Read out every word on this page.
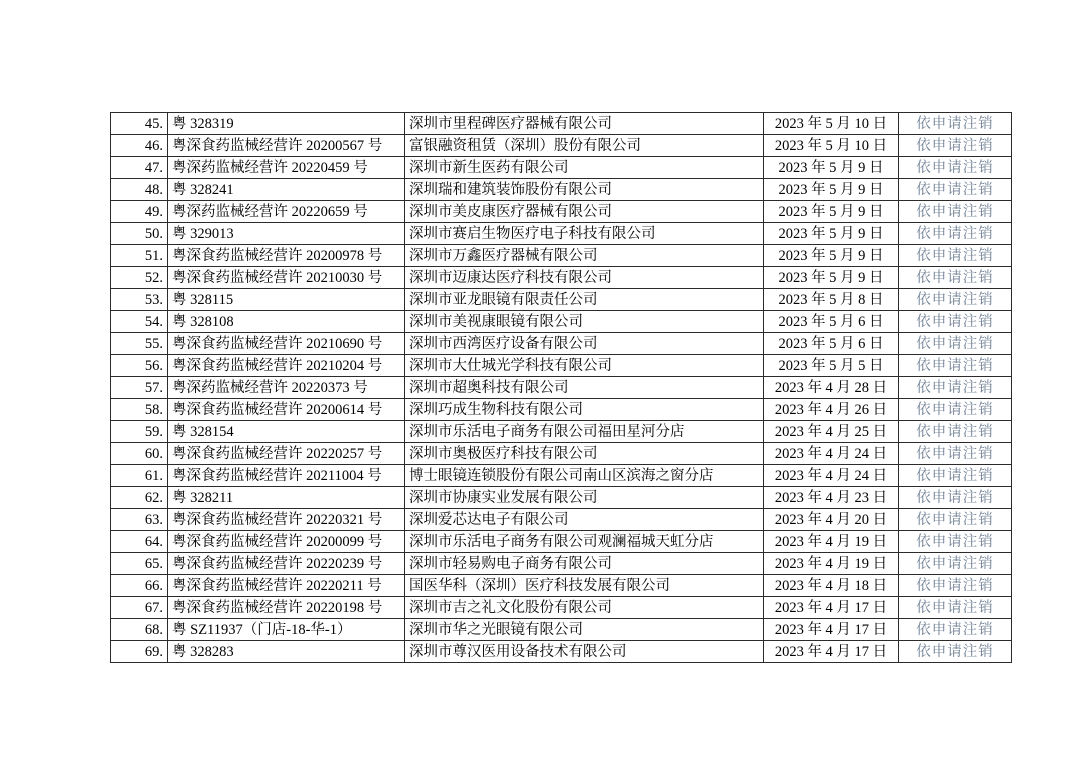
45.	粤 328319	深圳市里程碑医疗器械有限公司	2023 年 5 月 10 日	依申请注销
46.	粤深食药监械经营许 20200567 号	富银融资租赁（深圳）股份有限公司	2023 年 5 月 10 日	依申请注销
47.	粤深药监械经营许 20220459 号	深圳市新生医药有限公司	2023 年 5 月 9 日	依申请注销
48.	粤 328241	深圳瑞和建筑装饰股份有限公司	2023 年 5 月 9 日	依申请注销
49.	粤深药监械经营许 20220659 号	深圳市美皮康医疗器械有限公司	2023 年 5 月 9 日	依申请注销
50.	粤 329013	深圳市赛启生物医疗电子科技有限公司	2023 年 5 月 9 日	依申请注销
51.	粤深食药监械经营许 20200978 号	深圳市万鑫医疗器械有限公司	2023 年 5 月 9 日	依申请注销
52.	粤深食药监械经营许 20210030 号	深圳市迈康达医疗科技有限公司	2023 年 5 月 9 日	依申请注销
53.	粤 328115	深圳市亚龙眼镜有限责任公司	2023 年 5 月 8 日	依申请注销
54.	粤 328108	深圳市美视康眼镜有限公司	2023 年 5 月 6 日	依申请注销
55.	粤深食药监械经营许 20210690 号	深圳市西湾医疗设备有限公司	2023 年 5 月 6 日	依申请注销
56.	粤深食药监械经营许 20210204 号	深圳市大仕城光学科技有限公司	2023 年 5 月 5 日	依申请注销
57.	粤深药监械经营许 20220373 号	深圳市超奥科技有限公司	2023 年 4 月 28 日	依申请注销
58.	粤深食药监械经营许 20200614 号	深圳巧成生物科技有限公司	2023 年 4 月 26 日	依申请注销
59.	粤 328154	深圳市乐活电子商务有限公司福田星河分店	2023 年 4 月 25 日	依申请注销
60.	粤深食药监械经营许 20220257 号	深圳市奥极医疗科技有限公司	2023 年 4 月 24 日	依申请注销
61.	粤深食药监械经营许 20211004 号	博士眼镜连锁股份有限公司南山区滨海之窗分店	2023 年 4 月 24 日	依申请注销
62.	粤 328211	深圳市协康实业发展有限公司	2023 年 4 月 23 日	依申请注销
63.	粤深食药监械经营许 20220321 号	深圳爱芯达电子有限公司	2023 年 4 月 20 日	依申请注销
64.	粤深食药监械经营许 20200099 号	深圳市乐活电子商务有限公司观澜福城天虹分店	2023 年 4 月 19 日	依申请注销
65.	粤深食药监械经营许 20220239 号	深圳市轻易购电子商务有限公司	2023 年 4 月 19 日	依申请注销
66.	粤深食药监械经营许 20220211 号	国医华科（深圳）医疗科技发展有限公司	2023 年 4 月 18 日	依申请注销
67.	粤深食药监械经营许 20220198 号	深圳市吉之礼文化股份有限公司	2023 年 4 月 17 日	依申请注销
68.	粤 SZ11937（门店-18-华-1）	深圳市华之光眼镜有限公司	2023 年 4 月 17 日	依申请注销
69.	粤 328283	深圳市尊汉医用设备技术有限公司	2023 年 4 月 17 日	依申请注销
